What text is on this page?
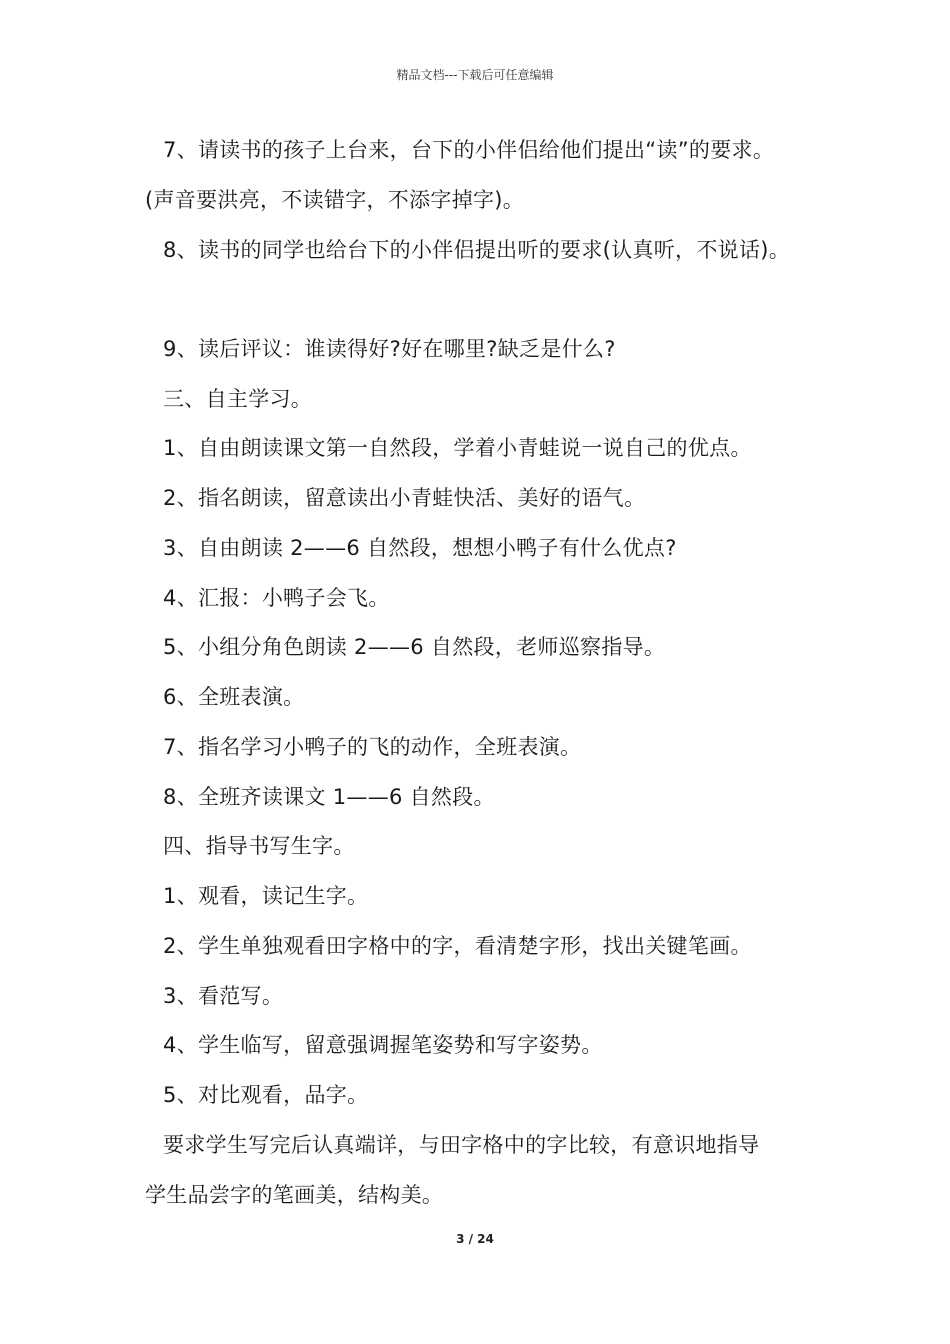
精品文档---下载后可任意编辑
7、请读书的孩子上台来，台下的小伴侣给他们提出“读”的要求。
(声音要洪亮，不读错字，不添字掉字)。
8、读书的同学也给台下的小伴侣提出听的要求(认真听，不说话)。
9、读后评议：谁读得好?好在哪里?缺乏是什么?
三、自主学习。
1、自由朗读课文第一自然段，学着小青蛙说一说自己的优点。
2、指名朗读，留意读出小青蛙快活、美好的语气。
3、自由朗读 2——6 自然段，想想小鸭子有什么优点?
4、汇报：小鸭子会飞。
5、小组分角色朗读 2——6 自然段，老师巡察指导。
6、全班表演。
7、指名学习小鸭子的飞的动作，全班表演。
8、全班齐读课文 1——6 自然段。
四、指导书写生字。
1、观看，读记生字。
2、学生单独观看田字格中的字，看清楚字形，找出关键笔画。
3、看范写。
4、学生临写，留意强调握笔姿势和写字姿势。
5、对比观看，品字。
要求学生写完后认真端详，与田字格中的字比较，有意识地指导
学生品尝字的笔画美，结构美。
3 / 24
